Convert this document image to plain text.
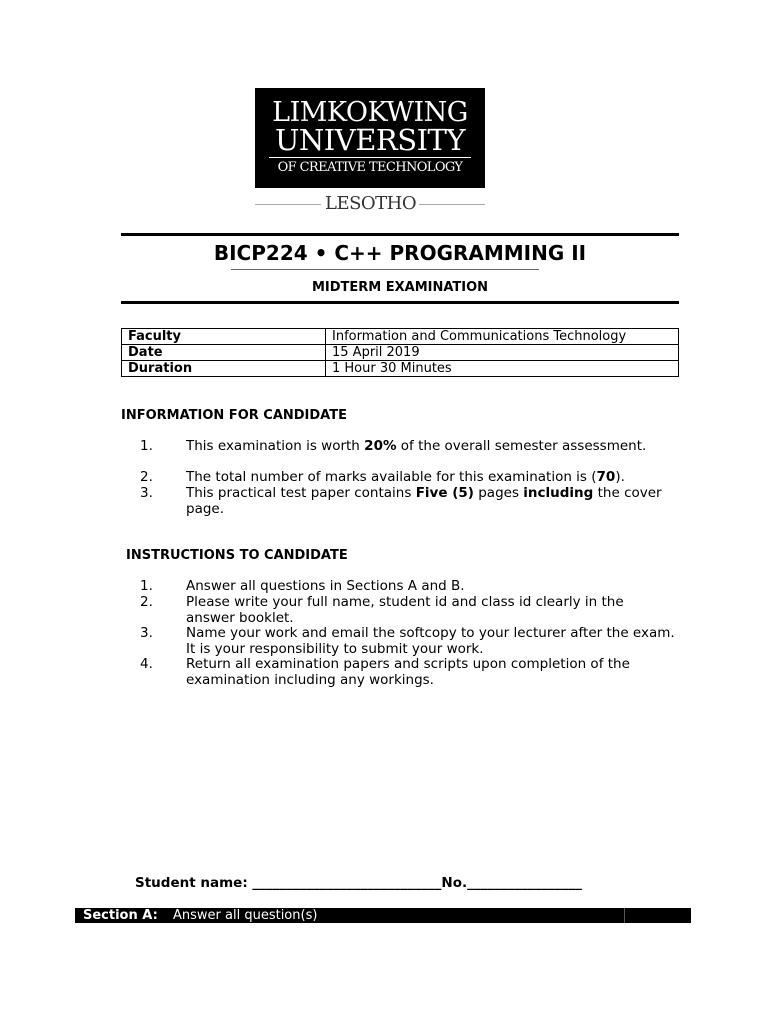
LIMKOKWING
UNIVERSITY
OF CREATIVE TECHNOLOGY
LESOTHO
BICP224 • C++ PROGRAMMING II
MIDTERM EXAMINATION
Faculty	Information and Communications Technology
Date	15 April 2019
Duration	1 Hour 30 Minutes
INFORMATION FOR CANDIDATE
1. This examination is worth 20% of the overall semester assessment.
2. The total number of marks available for this examination is (70).
3. This practical test paper contains Five (5) pages including the cover page.
INSTRUCTIONS TO CANDIDATE
1. Answer all questions in Sections A and B.
2. Please write your full name, student id and class id clearly in the answer booklet.
3. Name your work and email the softcopy to your lecturer after the exam. It is your responsibility to submit your work.
4. Return all examination papers and scripts upon completion of the examination including any workings.
Student name: ____________________________No._________________
Section A: Answer all question(s)
